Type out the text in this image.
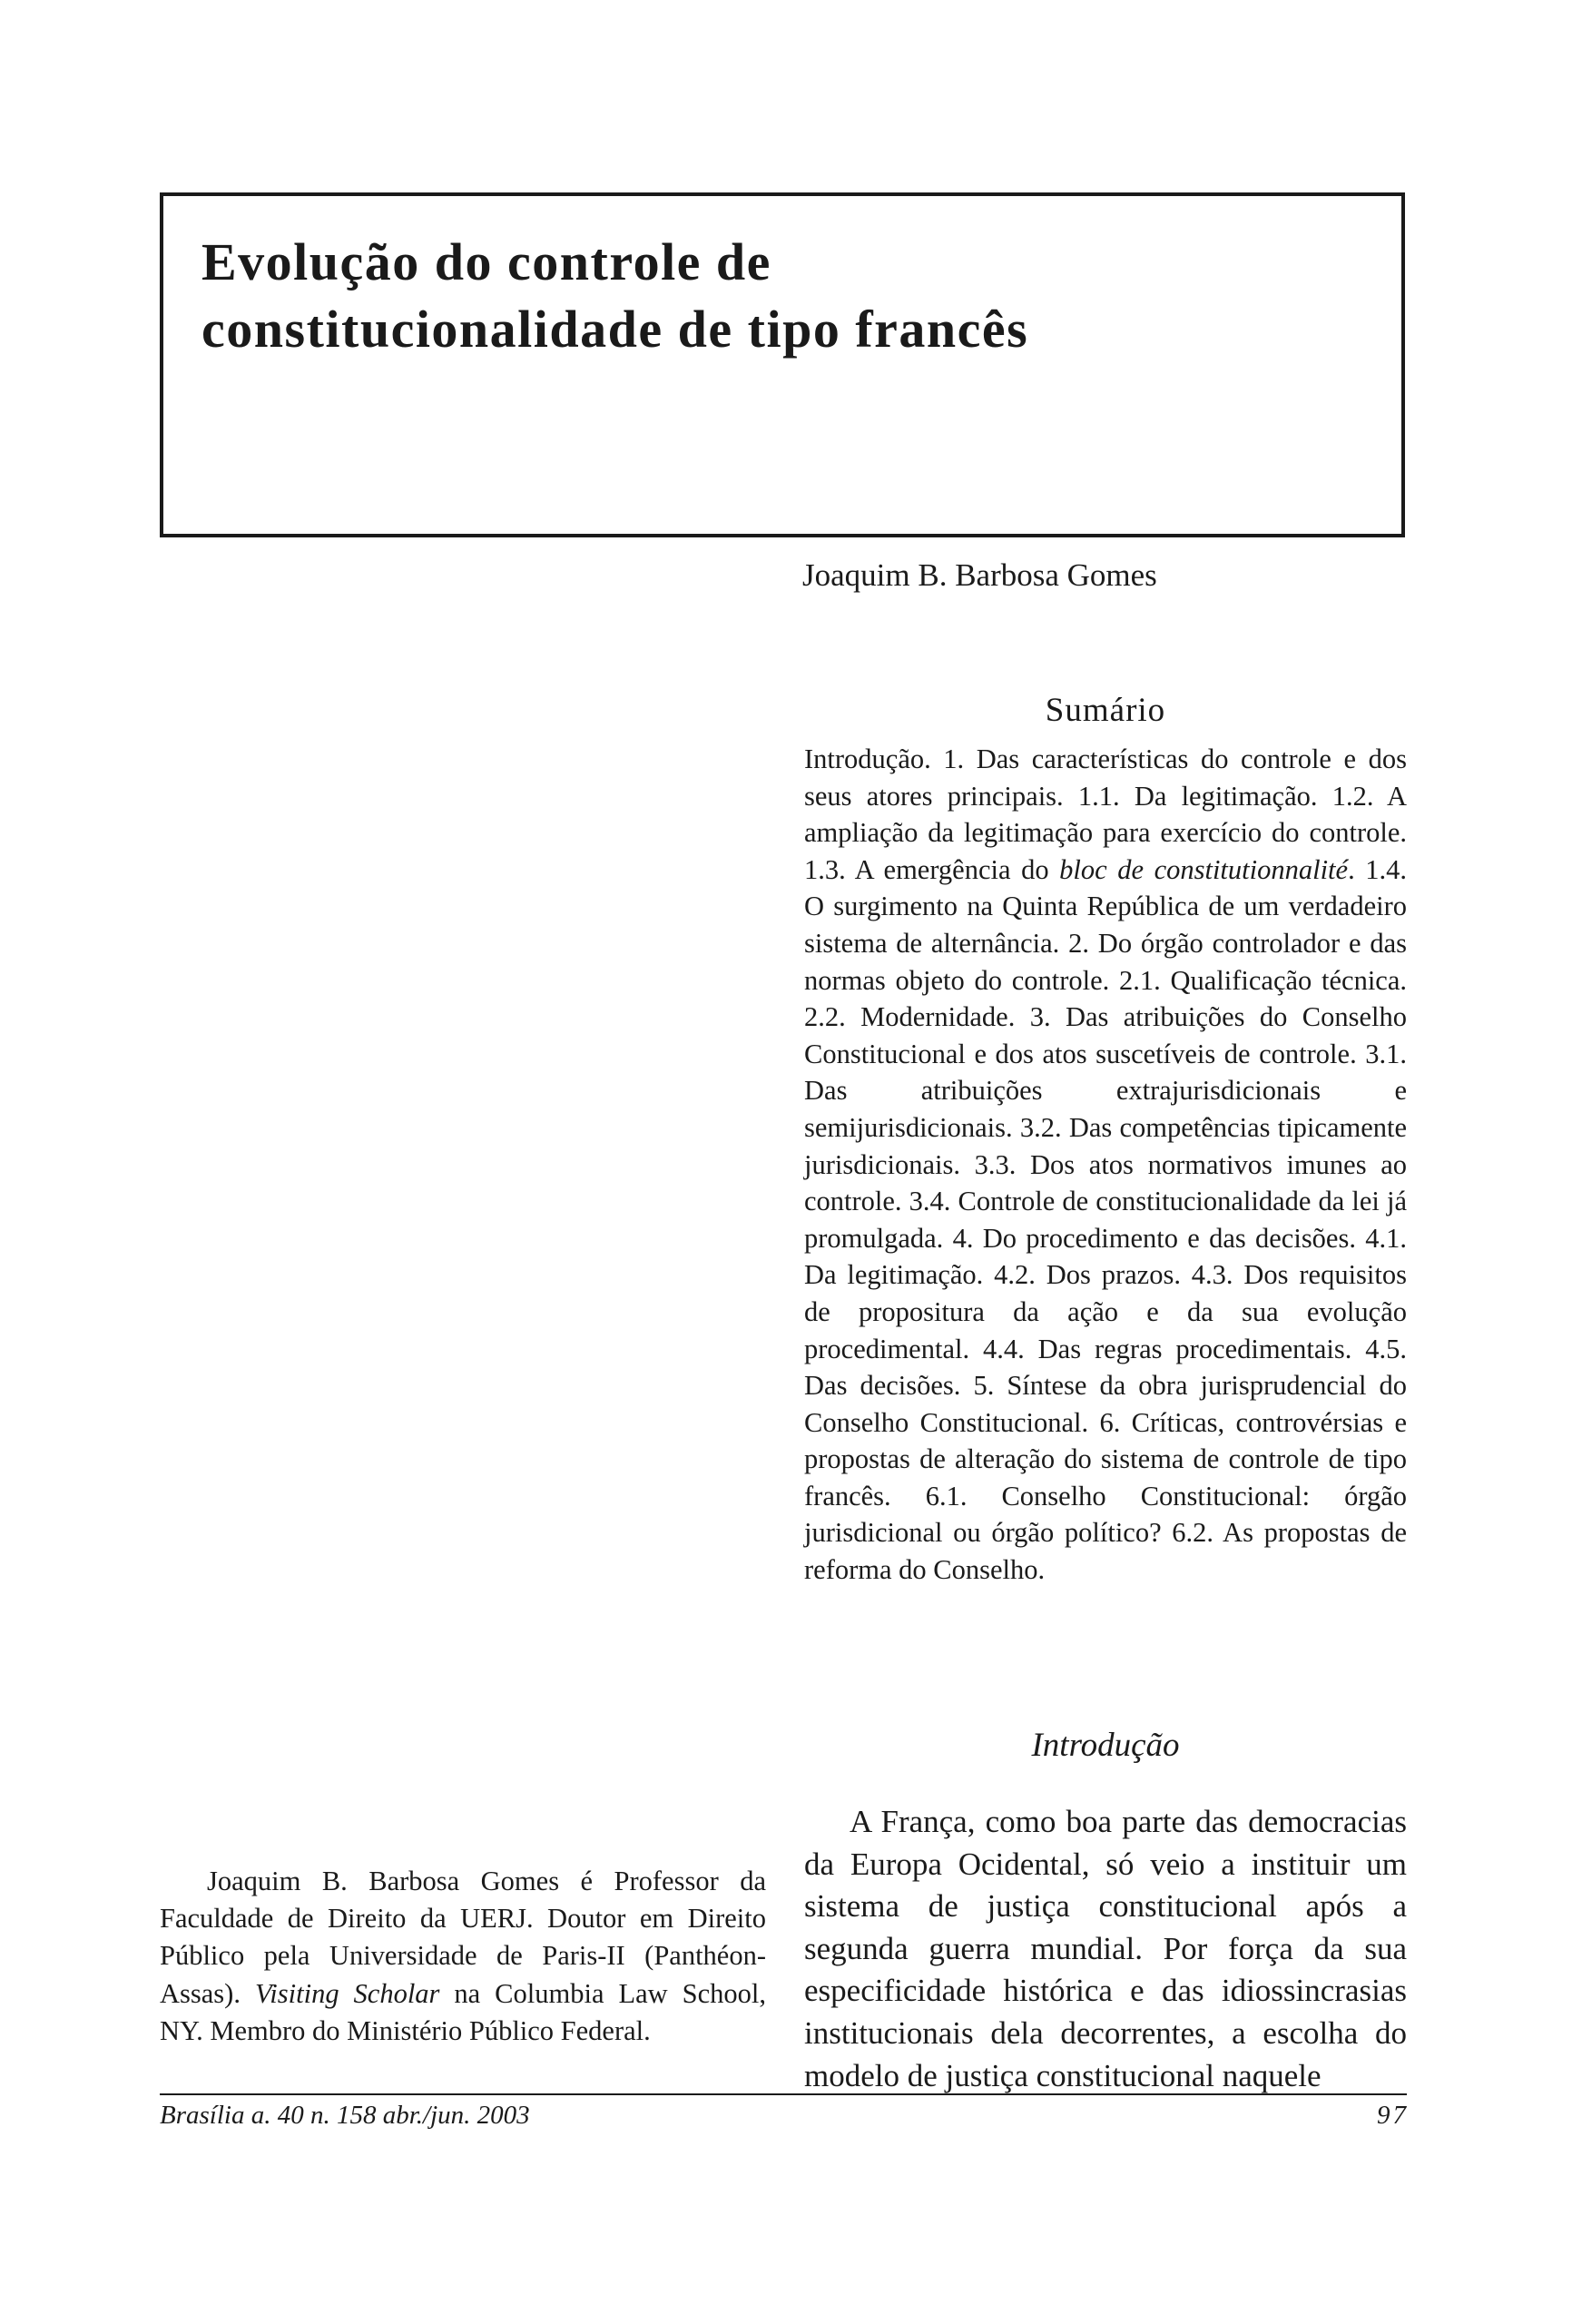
Evolução do controle de
constitucionalidade de tipo francês
Joaquim B. Barbosa Gomes
Sumário

Introdução. 1. Das características do controle e dos seus atores principais. 1.1. Da legitimação. 1.2. A ampliação da legitimação para exercício do controle. 1.3. A emergência do bloc de constitutionnalité. 1.4. O surgimento na Quinta República de um verdadeiro sistema de alternância. 2. Do órgão controlador e das normas objeto do controle. 2.1. Qualificação técnica. 2.2. Modernidade. 3. Das atribuições do Conselho Constitucional e dos atos suscetíveis de controle. 3.1. Das atribuições extrajurisdicionais e semijurisdicionais. 3.2. Das competências tipicamente jurisdicionais. 3.3. Dos atos normativos imunes ao controle. 3.4. Controle de constitucionalidade da lei já promulgada. 4. Do procedimento e das decisões. 4.1. Da legitimação. 4.2. Dos prazos. 4.3. Dos requisitos de propositura da ação e da sua evolução procedimental. 4.4. Das regras procedimentais. 4.5. Das decisões. 5. Síntese da obra jurisprudencial do Conselho Constitucional. 6. Críticas, controvérsias e propostas de alteração do sistema de controle de tipo francês. 6.1. Conselho Constitucional: órgão jurisdicional ou órgão político? 6.2. As propostas de reforma do Conselho.

Introdução

A França, como boa parte das democracias da Europa Ocidental, só veio a instituir um sistema de justiça constitucional após a segunda guerra mundial. Por força da sua especificidade histórica e das idiossincrasias institucionais dela decorrentes, a escolha do modelo de justiça constitucional naquele

Joaquim B. Barbosa Gomes é Professor da Faculdade de Direito da UERJ. Doutor em Direito Público pela Universidade de Paris-II (Panthéon-Assas). Visiting Scholar na Columbia Law School, NY. Membro do Ministério Público Federal.

Brasília a. 40 n. 158 abr./jun. 2003	97
